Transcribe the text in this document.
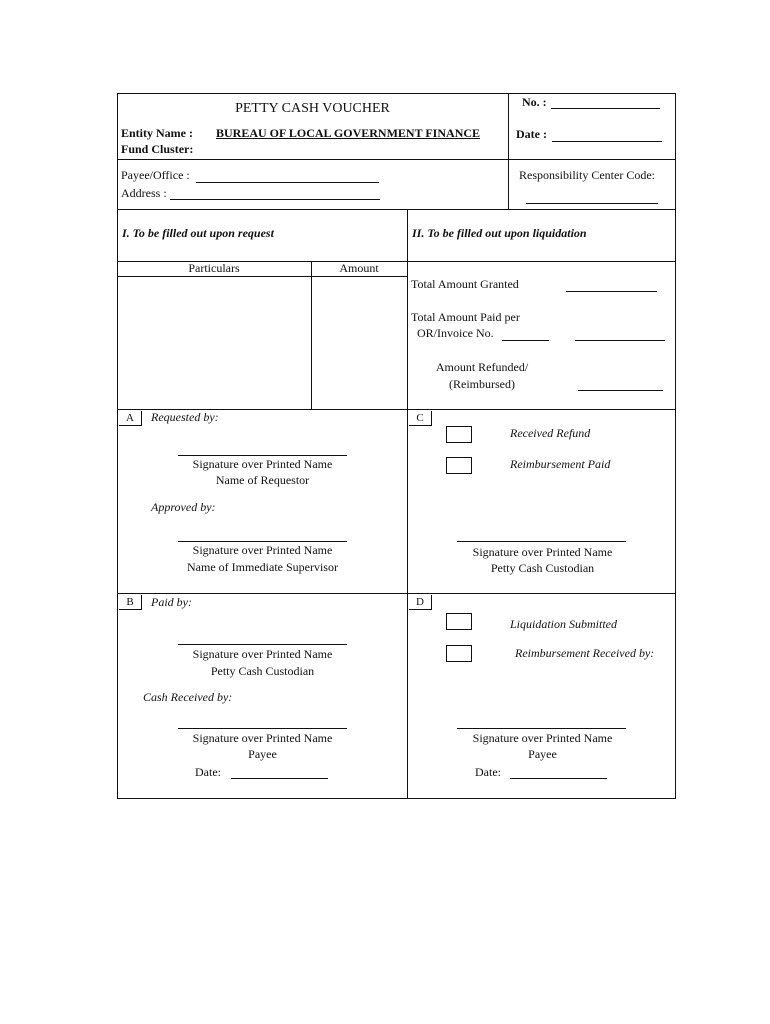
PETTY CASH VOUCHER	No. :
Date :
Entity Name : BUREAU OF LOCAL GOVERNMENT FINANCE
Fund Cluster:
Payee/Office :
Address :
Responsibility Center Code:
I. To be filled out upon request	II. To be filled out upon liquidation
Particulars	Amount
Total Amount Granted
Total Amount Paid per
OR/Invoice No.
Amount Refunded/
(Reimbursed)
A	Requested by:
Signature over Printed Name
Name of Requestor
Approved by:
Signature over Printed Name
Name of Immediate Supervisor
C
Received Refund
Reimbursement Paid
Signature over Printed Name
Petty Cash Custodian
B	Paid by:
Signature over Printed Name
Petty Cash Custodian
Cash Received by:
Signature over Printed Name
Payee
Date:
D
Liquidation Submitted
Reimbursement Received by:
Signature over Printed Name
Payee
Date:
